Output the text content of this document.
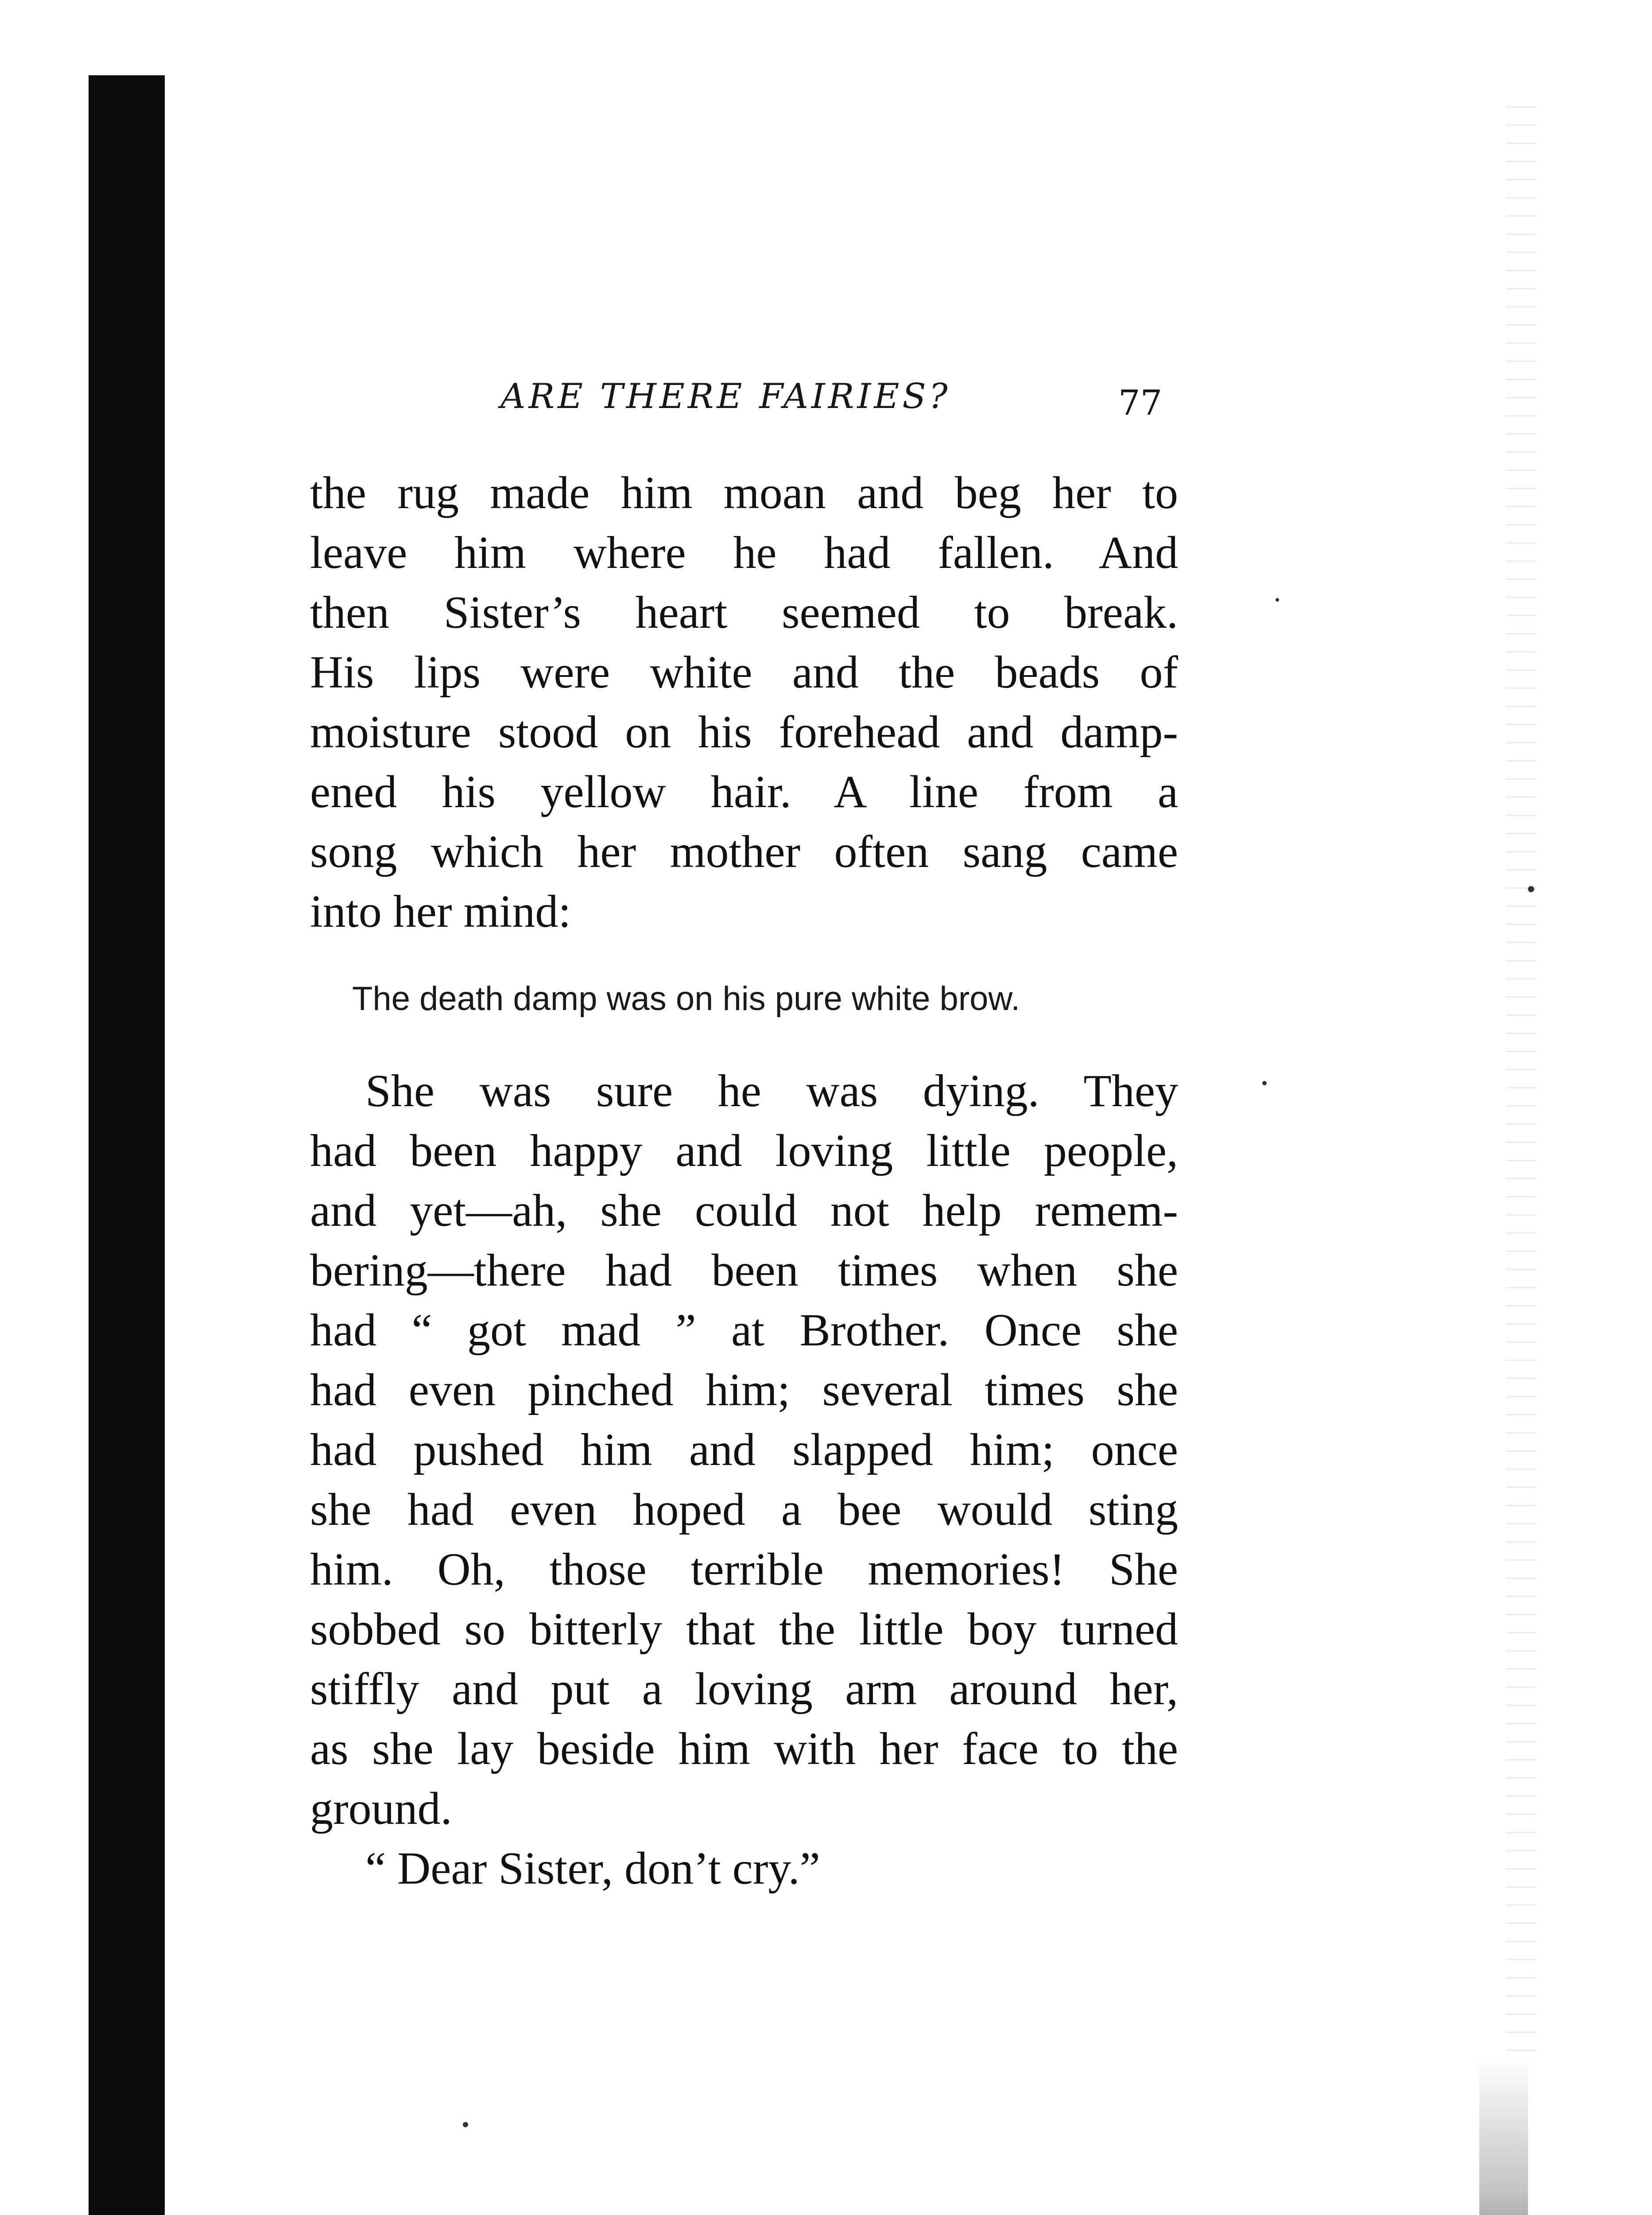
ARE THERE FAIRIES?	77
the rug made him moan and beg her to
leave him where he had fallen. And
then Sister’s heart seemed to break.
His lips were white and the beads of
moisture stood on his forehead and damp-
ened his yellow hair. A line from a
song which her mother often sang came
into her mind:
The death damp was on his pure white brow.
She was sure he was dying. They
had been happy and loving little people,
and yet—ah, she could not help remem-
bering—there had been times when she
had “ got mad ” at Brother. Once she
had even pinched him; several times she
had pushed him and slapped him; once
she had even hoped a bee would sting
him. Oh, those terrible memories! She
sobbed so bitterly that the little boy turned
stiffly and put a loving arm around her,
as she lay beside him with her face to the
ground.
“ Dear Sister, don’t cry.”
